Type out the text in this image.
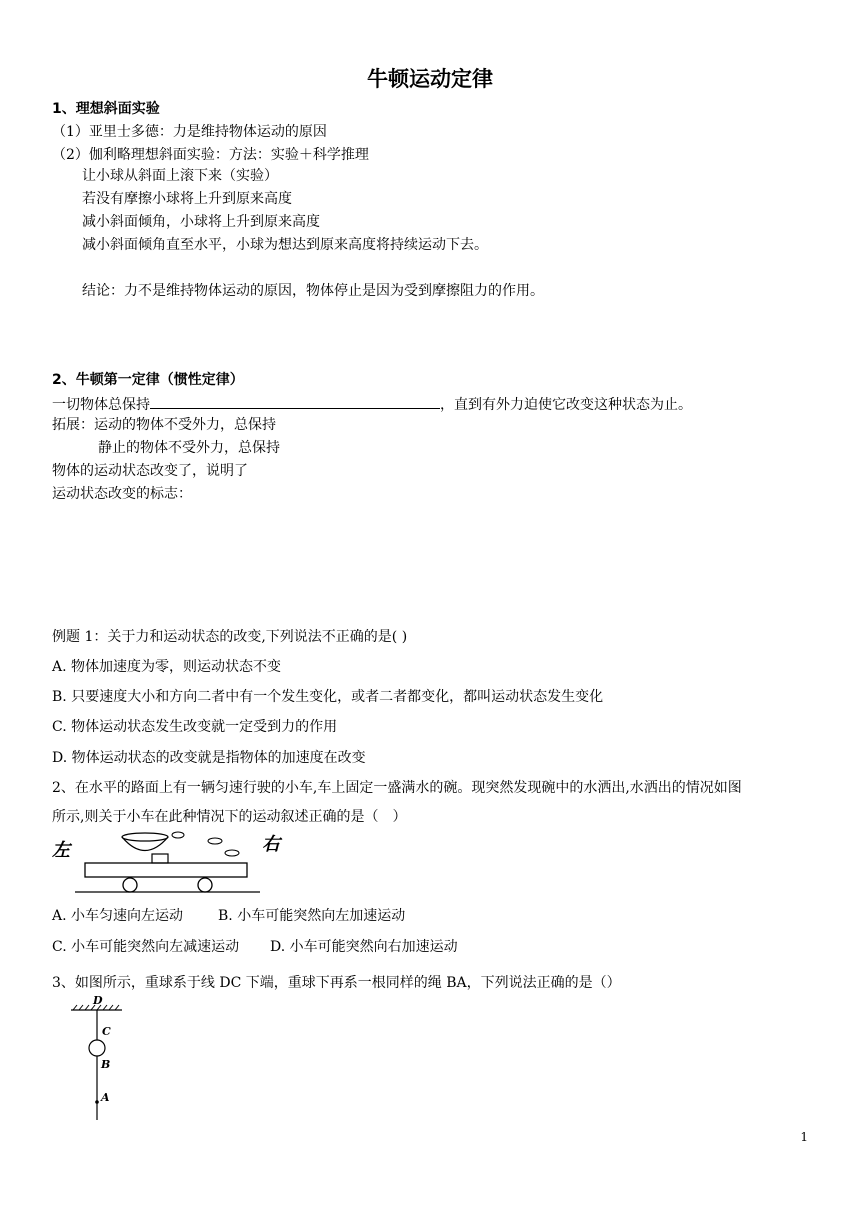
牛顿运动定律
1、理想斜面实验
（1）亚里士多德：力是维持物体运动的原因
（2）伽利略理想斜面实验：方法：实验＋科学推理
让小球从斜面上滚下来（实验）
若没有摩擦小球将上升到原来高度
减小斜面倾角，小球将上升到原来高度
减小斜面倾角直至水平，小球为想达到原来高度将持续运动下去。
结论：力不是维持物体运动的原因，物体停止是因为受到摩擦阻力的作用。
2、牛顿第一定律（惯性定律）
一切物体总保持	，直到有外力迫使它改变这种状态为止。
拓展：运动的物体不受外力，总保持
静止的物体不受外力，总保持
物体的运动状态改变了，说明了
运动状态改变的标志：
例题 1：关于力和运动状态的改变,下列说法不正确的是( )
A. 物体加速度为零，则运动状态不变
B. 只要速度大小和方向二者中有一个发生变化，或者二者都变化，都叫运动状态发生变化
C. 物体运动状态发生改变就一定受到力的作用
D. 物体运动状态的改变就是指物体的加速度在改变
2、在水平的路面上有一辆匀速行驶的小车,车上固定一盛满水的碗。现突然发现碗中的水洒出,水洒出的情况如图
所示,则关于小车在此种情况下的运动叙述正确的是（　）
左	右
A. 小车匀速向左运动 B. 小车可能突然向左加速运动
C. 小车可能突然向左减速运动 D. 小车可能突然向右加速运动
3、如图所示，重球系于线 DC 下端，重球下再系一根同样的绳 BA，下列说法正确的是（）
D
C
B
A
1
